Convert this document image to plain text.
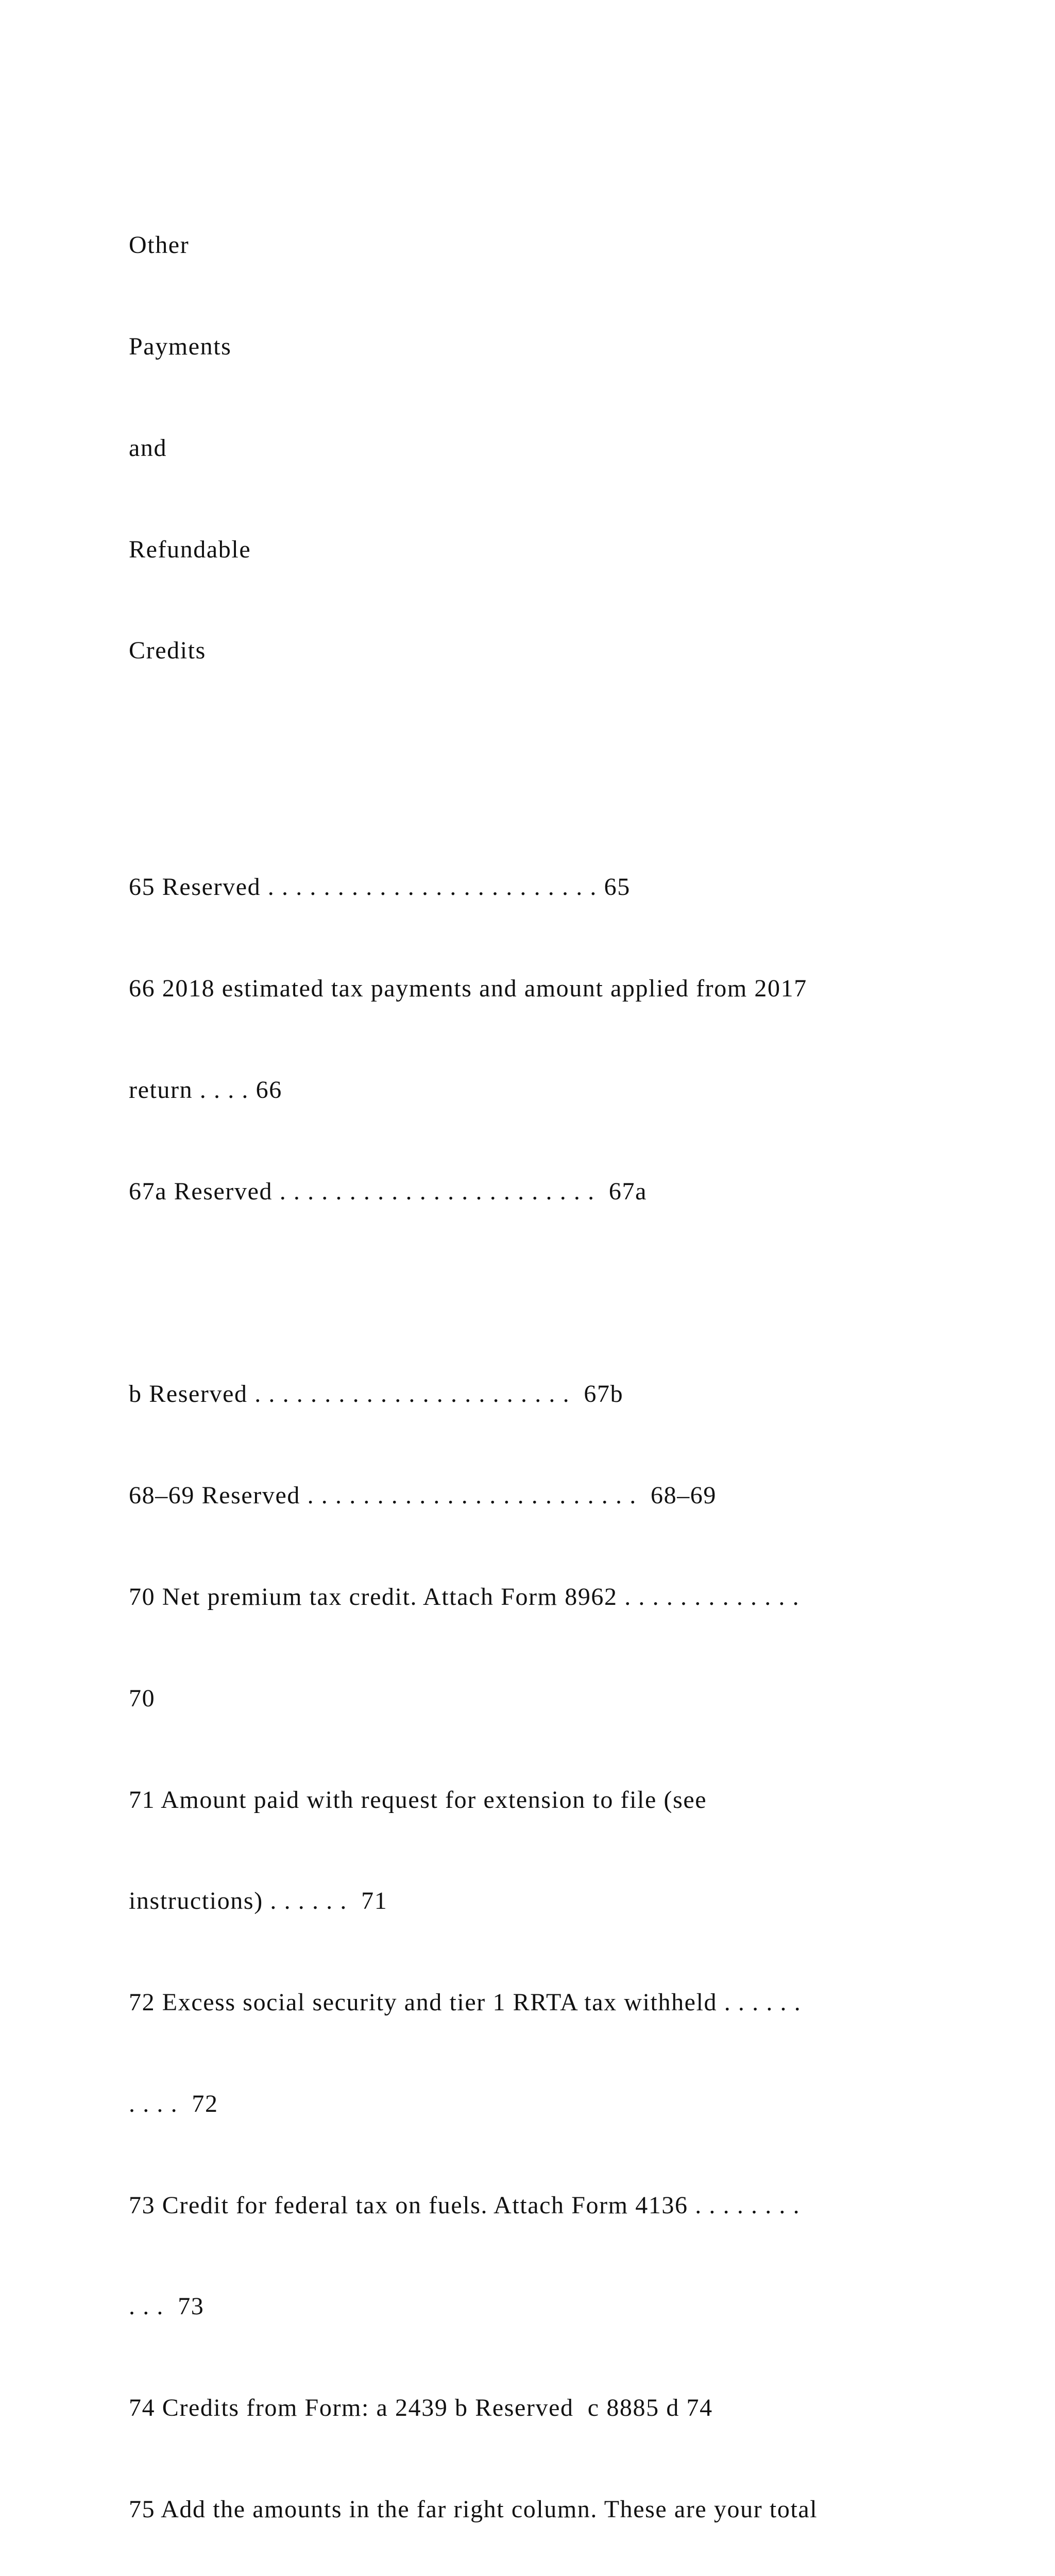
Other

Payments

and

Refundable

Credits

65 Reserved . . . . . . . . . . . . . . . . . . . . . . . . 65

66 2018 estimated tax payments and amount applied from 2017

return . . . . 66

67a Reserved . . . . . . . . . . . . . . . . . . . . . . .  67a

b Reserved . . . . . . . . . . . . . . . . . . . . . . .  67b

68–69 Reserved . . . . . . . . . . . . . . . . . . . . . . . .  68–69

70 Net premium tax credit. Attach Form 8962 . . . . . . . . . . . . .

70

71 Amount paid with request for extension to file (see

instructions) . . . . . .  71

72 Excess social security and tier 1 RRTA tax withheld . . . . . .

. . . .  72

73 Credit for federal tax on fuels. Attach Form 4136 . . . . . . . .

. . .  73

74 Credits from Form: a 2439 b Reserved  c 8885 d 74

75 Add the amounts in the far right column. These are your total
